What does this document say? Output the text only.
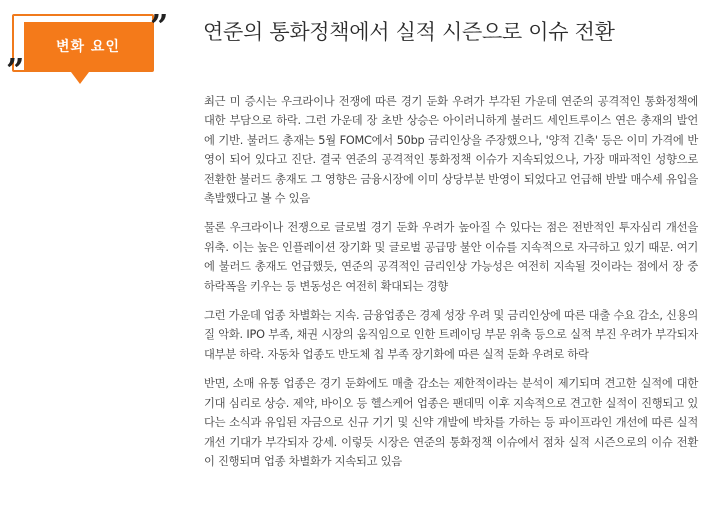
변화 요인
”
”
연준의 통화정책에서 실적 시즌으로 이슈 전환

최근 미 증시는 우크라이나 전쟁에 따른 경기 둔화 우려가 부각된 가운데 연준의 공격적인 통화정책에 대한 부담으로 하락. 그런 가운데 장 초반 상승은 아이러니하게 불러드 세인트루이스 연은 총재의 발언에 기반. 불러드 총재는 5월 FOMC에서 50bp 금리인상을 주장했으나, '양적 긴축' 등은 이미 가격에 반영이 되어 있다고 진단. 결국 연준의 공격적인 통화정책 이슈가 지속되었으나, 가장 매파적인 성향으로 전환한 불러드 총재도 그 영향은 금융시장에 이미 상당부분 반영이 되었다고 언급해 반발 매수세 유입을 촉발했다고 볼 수 있음

물론 우크라이나 전쟁으로 글로벌 경기 둔화 우려가 높아질 수 있다는 점은 전반적인 투자심리 개선을 위축. 이는 높은 인플레이션 장기화 및 글로벌 공급망 불안 이슈를 지속적으로 자극하고 있기 때문. 여기에 불러드 총재도 언급했듯, 연준의 공격적인 금리인상 가능성은 여전히 지속될 것이라는 점에서 장 중 하락폭을 키우는 등 변동성은 여전히 확대되는 경향

그런 가운데 업종 차별화는 지속. 금융업종은 경제 성장 우려 및 금리인상에 따른 대출 수요 감소, 신용의 질 악화. IPO 부족, 채권 시장의 움직임으로 인한 트레이딩 부문 위축 등으로 실적 부진 우려가 부각되자 대부분 하락. 자동차 업종도 반도체 칩 부족 장기화에 따른 실적 둔화 우려로 하락

반면, 소매 유통 업종은 경기 둔화에도 매출 감소는 제한적이라는 분석이 제기되며 견고한 실적에 대한 기대 심리로 상승. 제약, 바이오 등 헬스케어 업종은 팬데믹 이후 지속적으로 견고한 실적이 진행되고 있다는 소식과 유입된 자금으로 신규 기기 및 신약 개발에 박차를 가하는 등 파이프라인 개선에 따른 실적 개선 기대가 부각되자 강세. 이렇듯 시장은 연준의 통화정책 이슈에서 점차 실적 시즌으로의 이슈 전환이 진행되며 업종 차별화가 지속되고 있음
